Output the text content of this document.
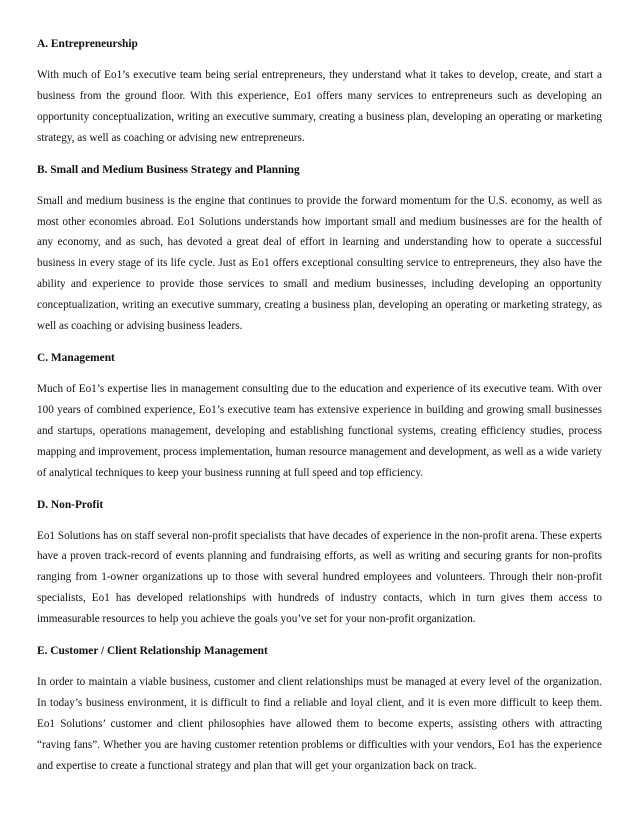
A. Entrepreneurship

With much of Eo1’s executive team being serial entrepreneurs, they understand what it takes to develop, create, and start a business from the ground floor. With this experience, Eo1 offers many services to entrepreneurs such as developing an opportunity conceptualization, writing an executive summary, creating a business plan, developing an operating or marketing strategy, as well as coaching or advising new entrepreneurs.

B. Small and Medium Business Strategy and Planning

Small and medium business is the engine that continues to provide the forward momentum for the U.S. economy, as well as most other economies abroad. Eo1 Solutions understands how important small and medium businesses are for the health of any economy, and as such, has devoted a great deal of effort in learning and understanding how to operate a successful business in every stage of its life cycle. Just as Eo1 offers exceptional consulting service to entrepreneurs, they also have the ability and experience to provide those services to small and medium businesses, including developing an opportunity conceptualization, writing an executive summary, creating a business plan, developing an operating or marketing strategy, as well as coaching or advising business leaders.

C. Management

Much of Eo1’s expertise lies in management consulting due to the education and experience of its executive team. With over 100 years of combined experience, Eo1’s executive team has extensive experience in building and growing small businesses and startups, operations management, developing and establishing functional systems, creating efficiency studies, process mapping and improvement, process implementation, human resource management and development, as well as a wide variety of analytical techniques to keep your business running at full speed and top efficiency.

D. Non-Profit

Eo1 Solutions has on staff several non-profit specialists that have decades of experience in the non-profit arena. These experts have a proven track-record of events planning and fundraising efforts, as well as writing and securing grants for non-profits ranging from 1-owner organizations up to those with several hundred employees and volunteers. Through their non-profit specialists, Eo1 has developed relationships with hundreds of industry contacts, which in turn gives them access to immeasurable resources to help you achieve the goals you’ve set for your non-profit organization.

E. Customer / Client Relationship Management

In order to maintain a viable business, customer and client relationships must be managed at every level of the organization. In today’s business environment, it is difficult to find a reliable and loyal client, and it is even more difficult to keep them. Eo1 Solutions’ customer and client philosophies have allowed them to become experts, assisting others with attracting “raving fans”. Whether you are having customer retention problems or difficulties with your vendors, Eo1 has the experience and expertise to create a functional strategy and plan that will get your organization back on track.
